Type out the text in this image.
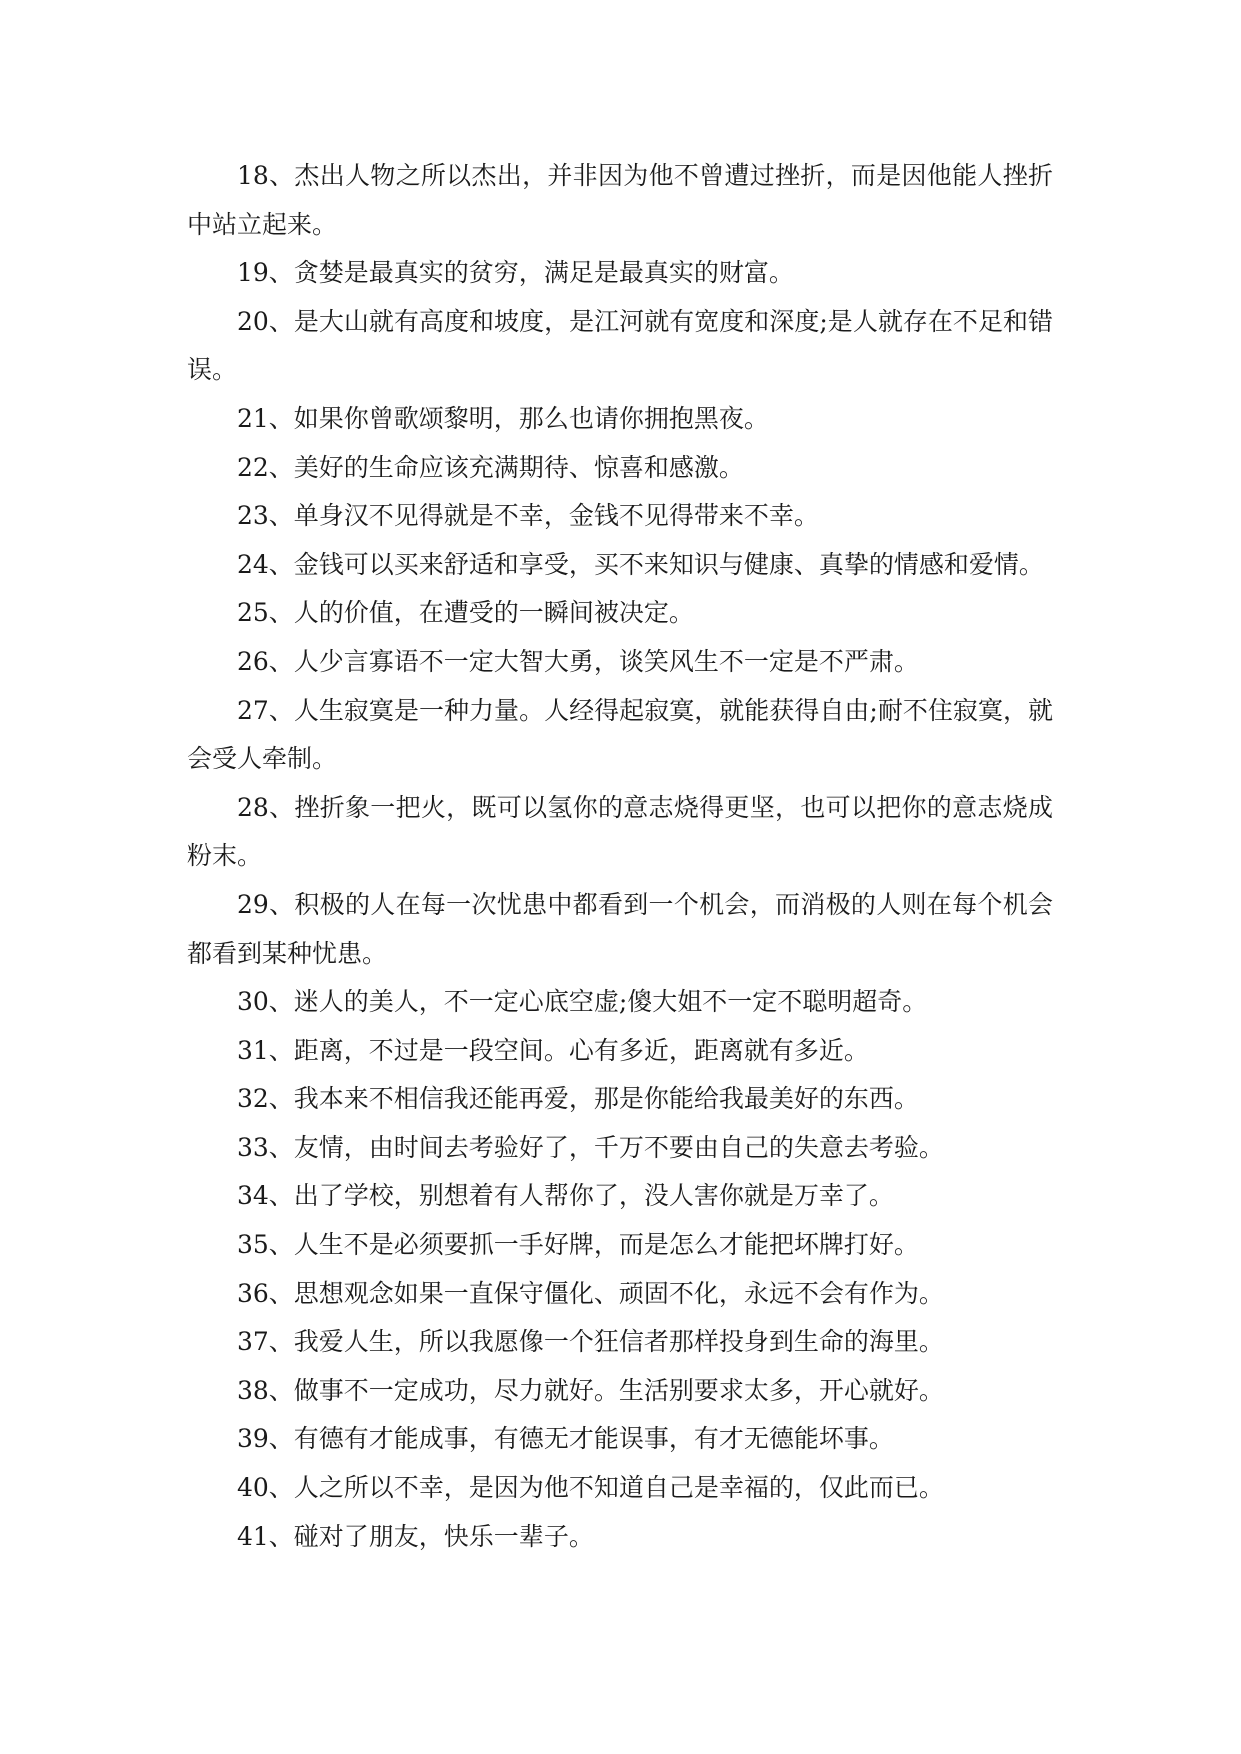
18、杰出人物之所以杰出，并非因为他不曾遭过挫折，而是因他能人挫折中站立起来。

19、贪婪是最真实的贫穷，满足是最真实的财富。

20、是大山就有高度和坡度，是江河就有宽度和深度;是人就存在不足和错误。

21、如果你曾歌颂黎明，那么也请你拥抱黑夜。

22、美好的生命应该充满期待、惊喜和感激。

23、单身汉不见得就是不幸，金钱不见得带来不幸。

24、金钱可以买来舒适和享受，买不来知识与健康、真挚的情感和爱情。

25、人的价值，在遭受的一瞬间被决定。

26、人少言寡语不一定大智大勇，谈笑风生不一定是不严肃。

27、人生寂寞是一种力量。人经得起寂寞，就能获得自由;耐不住寂寞，就会受人牵制。

28、挫折象一把火，既可以氢你的意志烧得更坚，也可以把你的意志烧成粉末。

29、积极的人在每一次忧患中都看到一个机会，而消极的人则在每个机会都看到某种忧患。

30、迷人的美人，不一定心底空虚;傻大姐不一定不聪明超奇。

31、距离，不过是一段空间。心有多近，距离就有多近。

32、我本来不相信我还能再爱，那是你能给我最美好的东西。

33、友情，由时间去考验好了，千万不要由自己的失意去考验。

34、出了学校，别想着有人帮你了，没人害你就是万幸了。

35、人生不是必须要抓一手好牌，而是怎么才能把坏牌打好。

36、思想观念如果一直保守僵化、顽固不化，永远不会有作为。

37、我爱人生，所以我愿像一个狂信者那样投身到生命的海里。

38、做事不一定成功，尽力就好。生活别要求太多，开心就好。

39、有德有才能成事，有德无才能误事，有才无德能坏事。

40、人之所以不幸，是因为他不知道自己是幸福的，仅此而已。

41、碰对了朋友，快乐一辈子。
